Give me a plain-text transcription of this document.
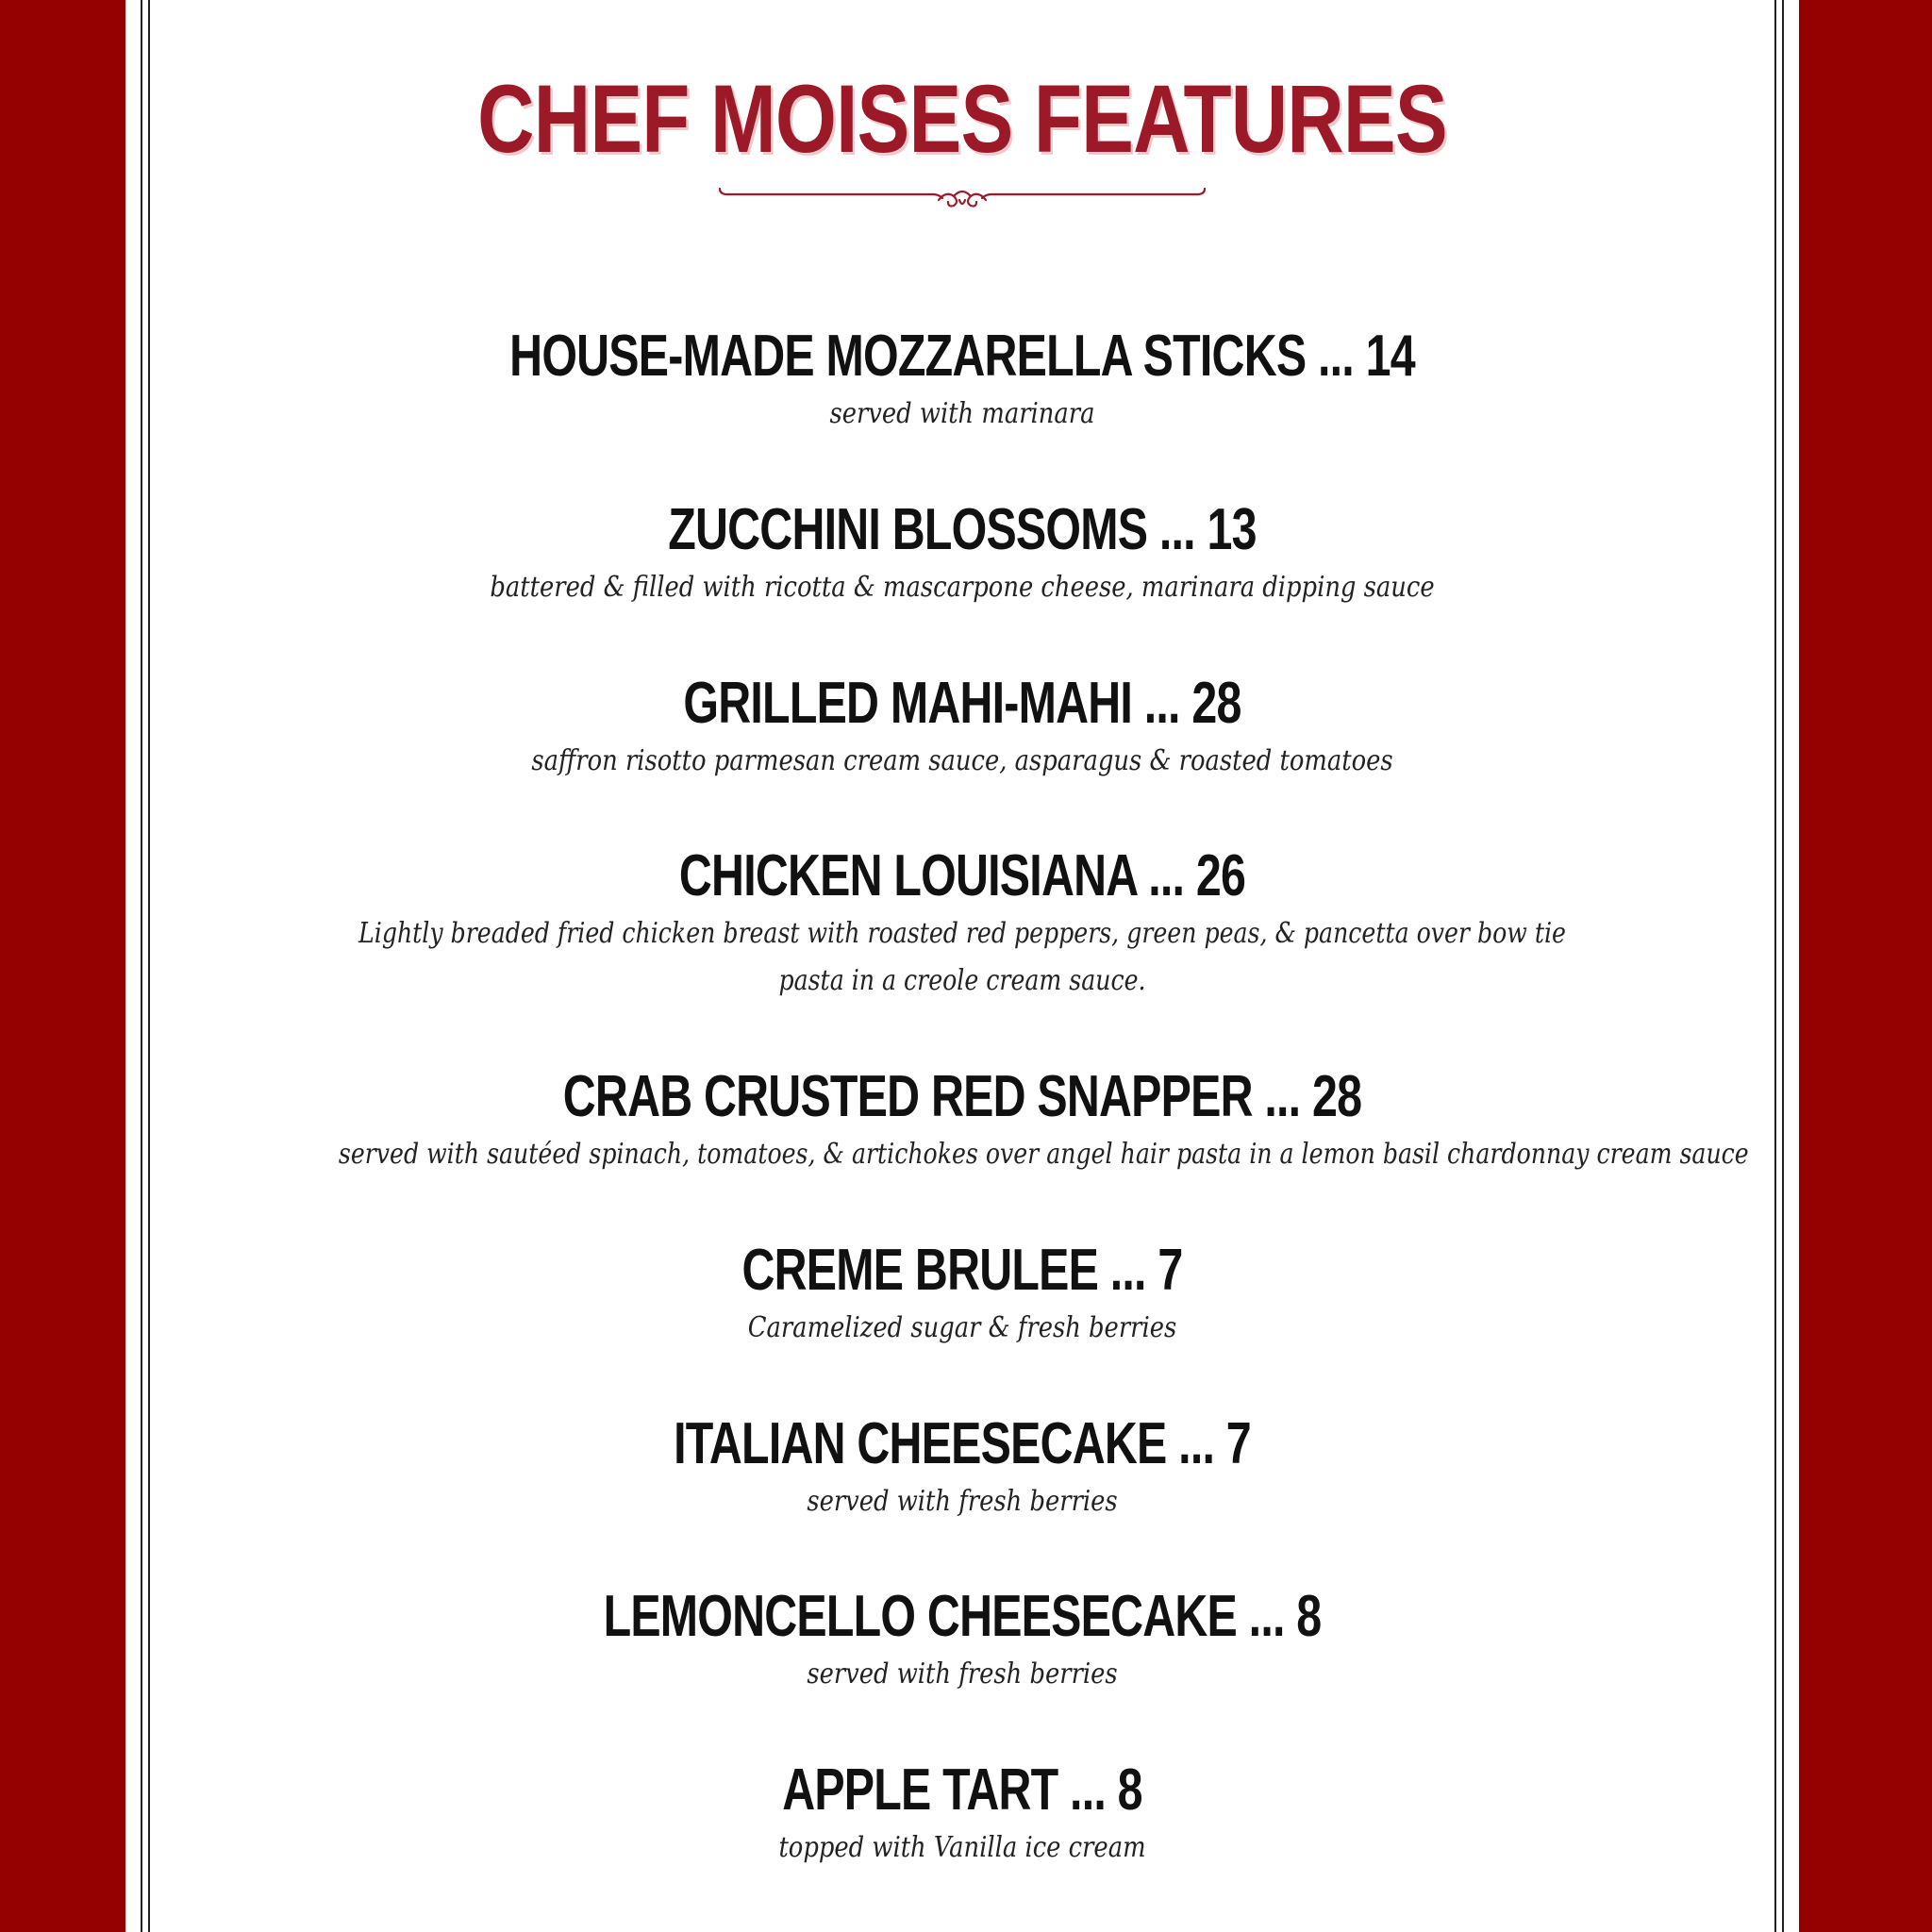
CHEF MOISES FEATURES
HOUSE-MADE MOZZARELLA STICKS ... 14
served with marinara
ZUCCHINI BLOSSOMS ... 13
battered & filled with ricotta & mascarpone cheese, marinara dipping sauce
GRILLED MAHI-MAHI ... 28
saffron risotto parmesan cream sauce, asparagus & roasted tomatoes
CHICKEN LOUISIANA ... 26
Lightly breaded fried chicken breast with roasted red peppers, green peas, & pancetta over bow tie pasta in a creole cream sauce.
CRAB CRUSTED RED SNAPPER ... 28
served with sautéed spinach, tomatoes, & artichokes over angel hair pasta in a lemon basil chardonnay cream sauce
CREME BRULEE ... 7
Caramelized sugar & fresh berries
ITALIAN CHEESECAKE ... 7
served with fresh berries
LEMONCELLO CHEESECAKE ... 8
served with fresh berries
APPLE TART ... 8
topped with Vanilla ice cream
